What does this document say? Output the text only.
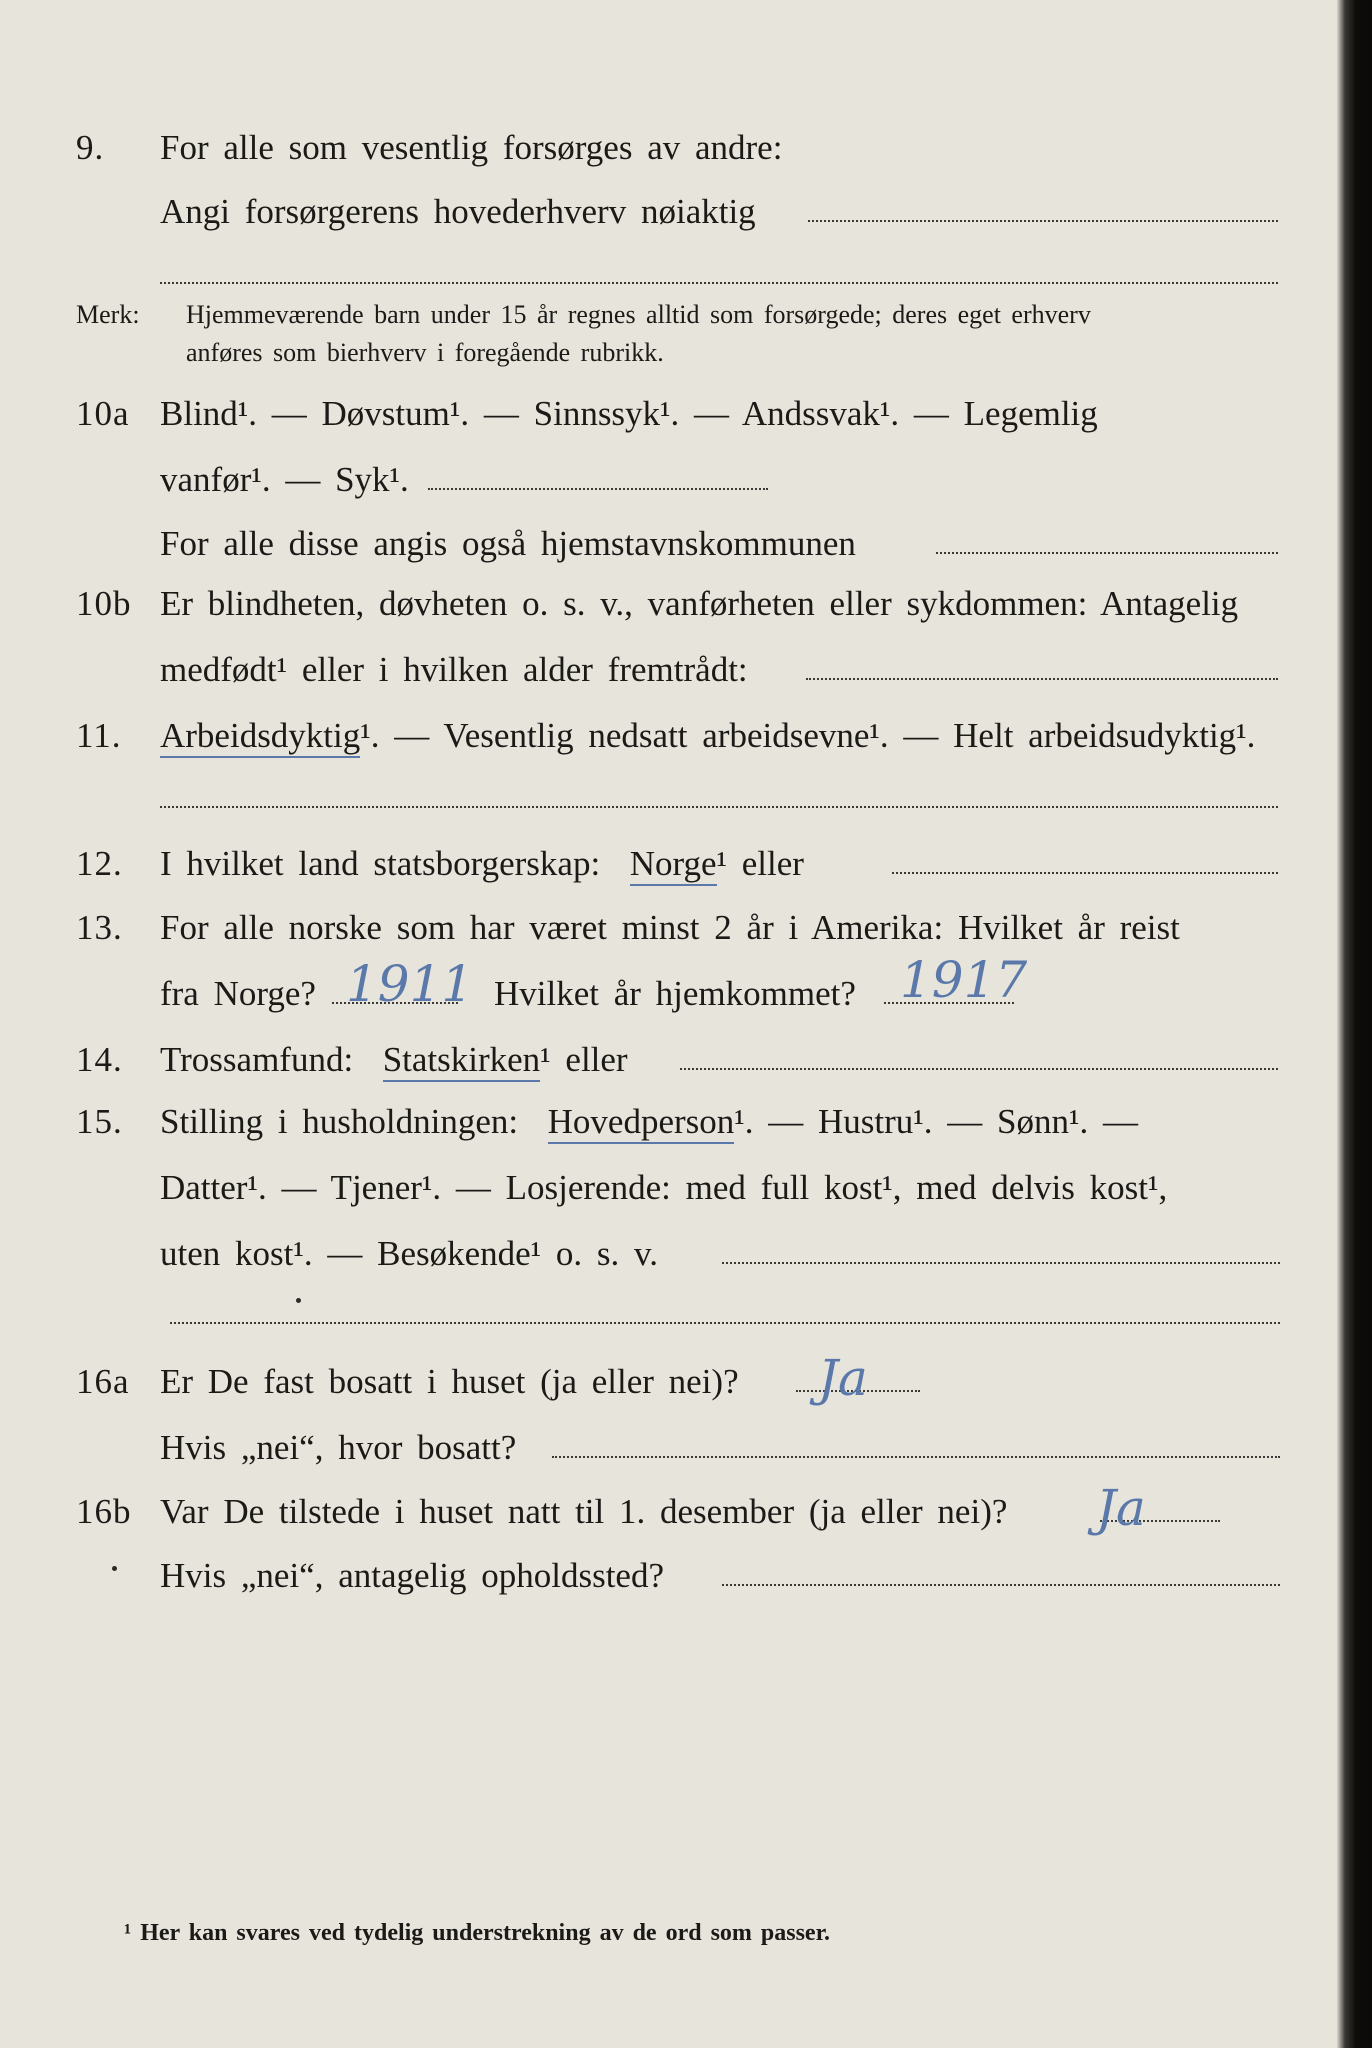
9. For alle som vesentlig forsørges av andre:
Angi forsørgerens hovederhverv nøiaktig
Merk: Hjemmeværende barn under 15 år regnes alltid som forsørgede; deres eget erhverv
anføres som bierhverv i foregående rubrikk.
10a Blind¹. — Døvstum¹. — Sinnssyk¹. — Andssvak¹. — Legemlig
vanfør¹. — Syk¹.
For alle disse angis også hjemstavnskommunen
10b Er blindheten, døvheten o. s. v., vanførheten eller sykdommen: Antagelig
medfødt¹ eller i hvilken alder fremtrådt:
11. Arbeidsdyktig¹. — Vesentlig nedsatt arbeidsevne¹. — Helt arbeidsudyktig¹.
12. I hvilket land statsborgerskap: Norge¹ eller
13. For alle norske som har været minst 2 år i Amerika: Hvilket år reist
fra Norge? 1911 Hvilket år hjemkommet? 1917
14. Trossamfund: Statskirken¹ eller
15. Stilling i husholdningen: Hovedperson¹. — Hustru¹. — Sønn¹. —
Datter¹. — Tjener¹. — Losjerende: med full kost¹, med delvis kost¹,
uten kost¹. — Besøkende¹ o. s. v.
16a Er De fast bosatt i huset (ja eller nei)? Ja
Hvis „nei“, hvor bosatt?
16b Var De tilstede i huset natt til 1. desember (ja eller nei)? Ja
Hvis „nei“, antagelig opholdssted?
¹ Her kan svares ved tydelig understrekning av de ord som passer.
